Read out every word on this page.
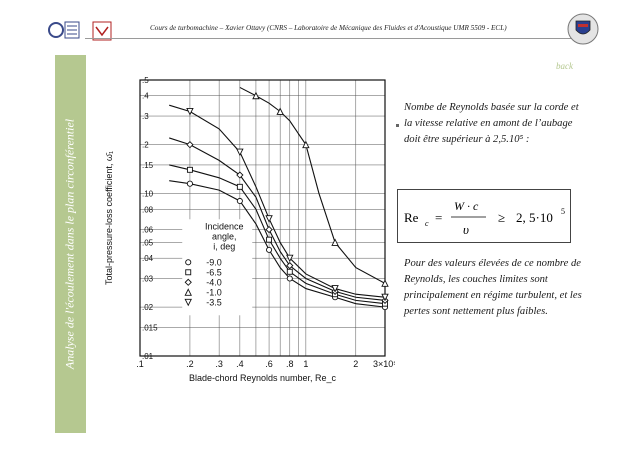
Cours de turbomachine – Xavier Ottavy (CNRS – Laboratoire de Mécanique des Fluides et d'Acoustique UMR 5509 - ECL)
Analyse de l'écoulement dans le plan circonférentiel
back
.5
.4
.3
.2
.15
.10
.08
.06
.05
.04
.03
.02
.015
.01
.1	.2 .3 .4 .6 .8 1	2 3×10⁵
Blade-chord Reynolds number, Re_c
Total-pressure-loss coefficient, ω̄₁	Incidence
angle,
i, deg
-9.0
-6.5
-4.0
-1.0
-3.5
Nombe de Reynolds basée sur la corde et la vitesse relative en amont de l’aubage doit être supérieur à 2,5.10⁵ :
Re c =
W · c
υ
≥ 2, 5·10 5
Pour des valeurs élevées de ce nombre de Reynolds, les couches limites sont principalement en régime turbulent, et les pertes sont nettement plus faibles.
